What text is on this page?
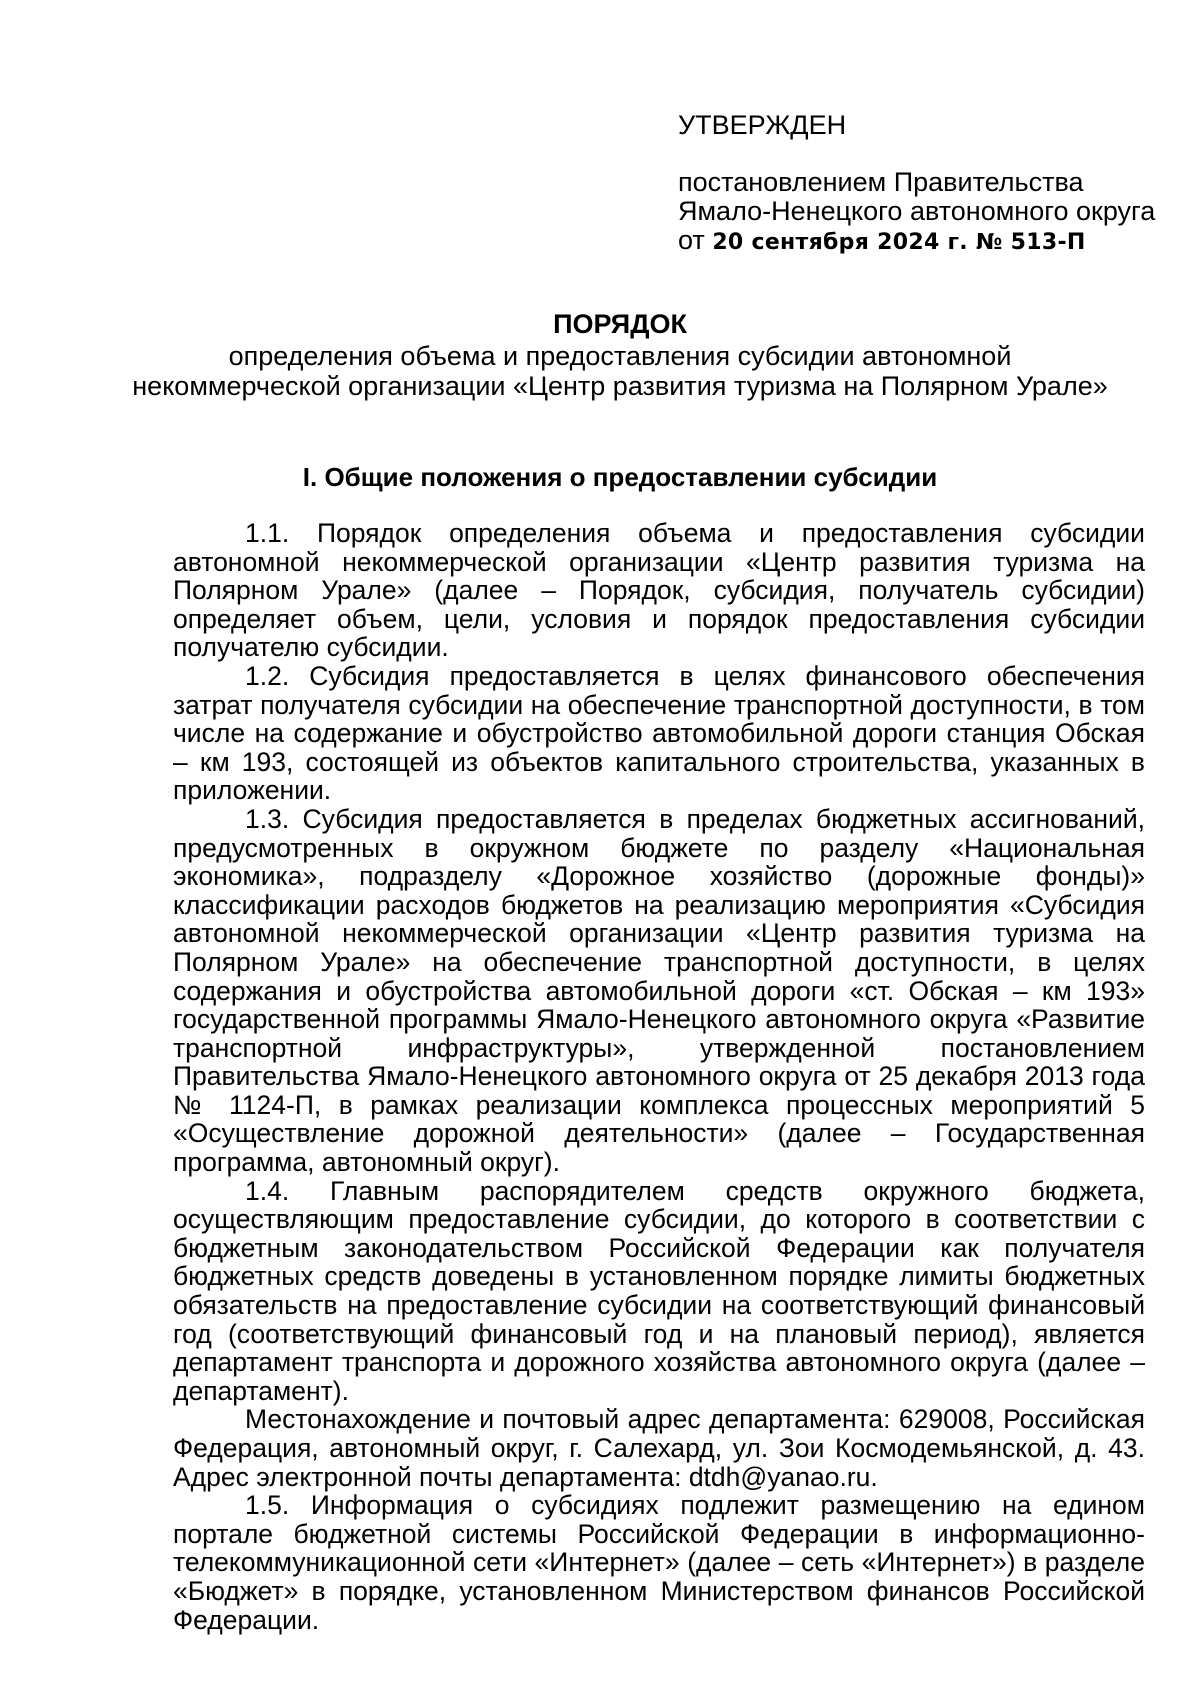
УТВЕРЖДЕН
постановлением Правительства
Ямало-Ненецкого автономного округа
от 20 сентября 2024 г. № 513-П
ПОРЯДОК
определения объема и предоставления субсидии автономной
некоммерческой организации «Центр развития туризма на Полярном Урале»
I. Общие положения о предоставлении субсидии

1.1. Порядок определения объема и предоставления субсидии автономной некоммерческой организации «Центр развития туризма на Полярном Урале» (далее – Порядок, субсидия, получатель субсидии) определяет объем, цели, условия и порядок предоставления субсидии получателю субсидии.

1.2. Субсидия предоставляется в целях финансового обеспечения затрат получателя субсидии на обеспечение транспортной доступности, в том числе на содержание и обустройство автомобильной дороги станция Обская – км 193, состоящей из объектов капитального строительства, указанных в приложении.

1.3. Субсидия предоставляется в пределах бюджетных ассигнований, предусмотренных в окружном бюджете по разделу «Национальная экономика», подразделу «Дорожное хозяйство (дорожные фонды)» классификации расходов бюджетов на реализацию мероприятия «Субсидия автономной некоммерческой организации «Центр развития туризма на Полярном Урале» на обеспечение транспортной доступности, в целях содержания и обустройства автомобильной дороги «ст. Обская – км 193» государственной программы Ямало-Ненецкого автономного округа «Развитие транспортной инфраструктуры», утвержденной постановлением Правительства Ямало-Ненецкого автономного округа от 25 декабря 2013 года № 1124-П, в рамках реализации комплекса процессных мероприятий 5 «Осуществление дорожной деятельности» (далее – Государственная программа, автономный округ).

1.4. Главным распорядителем средств окружного бюджета, осуществляющим предоставление субсидии, до которого в соответствии с бюджетным законодательством Российской Федерации как получателя бюджетных средств доведены в установленном порядке лимиты бюджетных обязательств на предоставление субсидии на соответствующий финансовый год (соответствующий финансовый год и на плановый период), является департамент транспорта и дорожного хозяйства автономного округа (далее – департамент).

Местонахождение и почтовый адрес департамента: 629008, Российская Федерация, автономный округ, г. Салехард, ул. Зои Космодемьянской, д. 43. Адрес электронной почты департамента: dtdh@yanao.ru.

1.5. Информация о субсидиях подлежит размещению на едином портале бюджетной системы Российской Федерации в информационно-телекоммуникационной сети «Интернет» (далее – сеть «Интернет») в разделе «Бюджет» в порядке, установленном Министерством финансов Российской Федерации.
